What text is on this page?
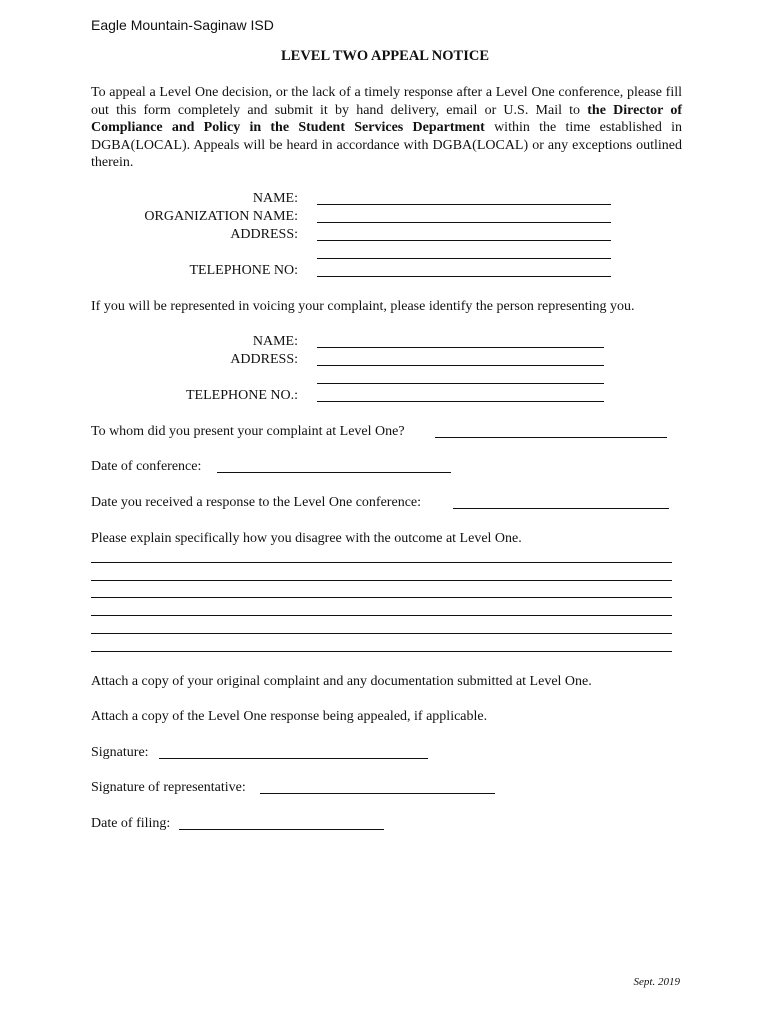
Eagle Mountain-Saginaw ISD
LEVEL TWO APPEAL NOTICE
To appeal a Level One decision, or the lack of a timely response after a Level One conference, please fill out this form completely and submit it by hand delivery, email or U.S. Mail to the Director of Compliance and Policy in the Student Services Department within the time established in DGBA(LOCAL). Appeals will be heard in accordance with DGBA(LOCAL) or any exceptions outlined therein.
NAME:
ORGANIZATION NAME:
ADDRESS:
TELEPHONE NO:
If you will be represented in voicing your complaint, please identify the person representing you.
NAME:
ADDRESS:
TELEPHONE NO.:
To whom did you present your complaint at Level One?
Date of conference:
Date you received a response to the Level One conference:
Please explain specifically how you disagree with the outcome at Level One.
Attach a copy of your original complaint and any documentation submitted at Level One.
Attach a copy of the Level One response being appealed, if applicable.
Signature:
Signature of representative:
Date of filing:
Sept. 2019
